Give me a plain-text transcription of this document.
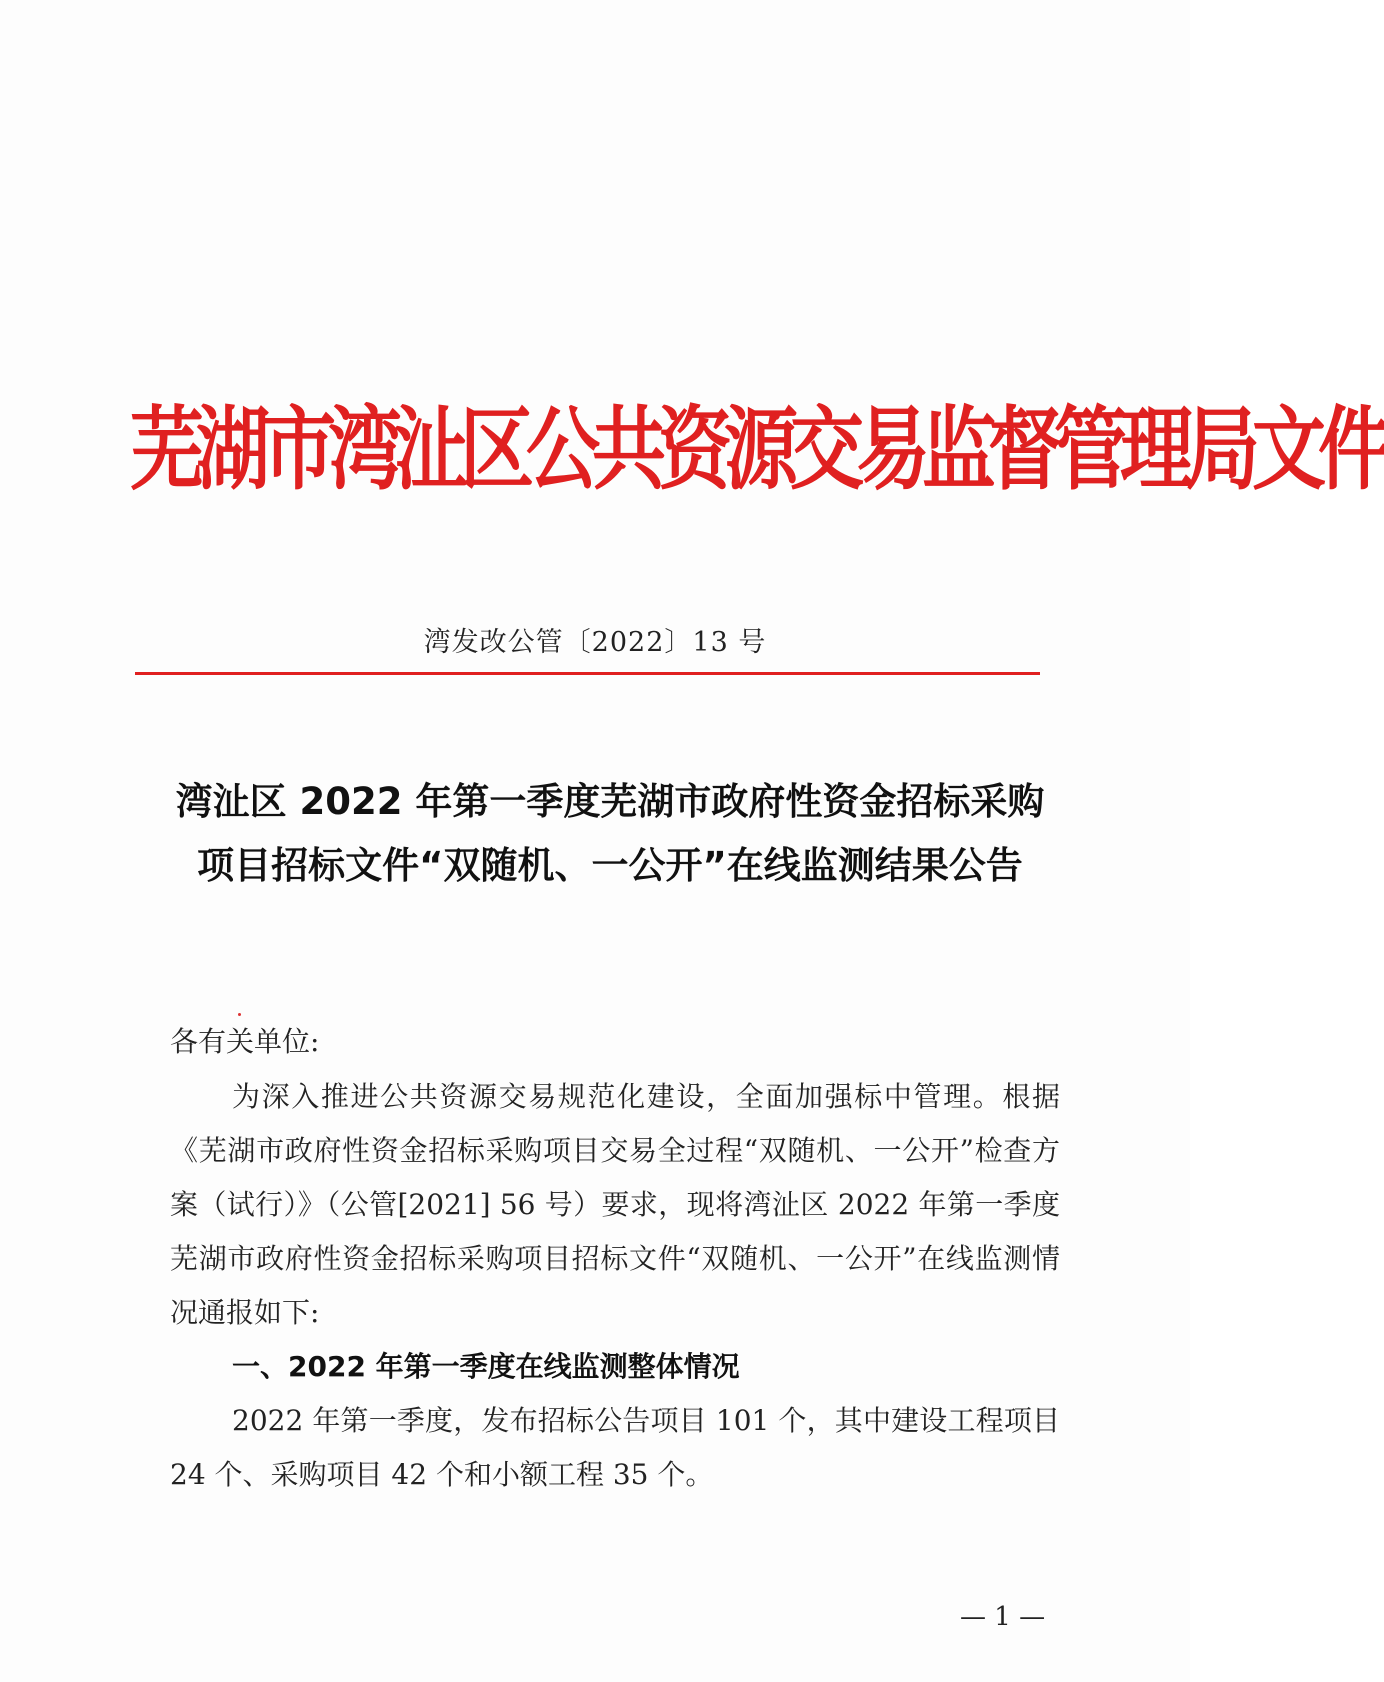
芜湖市湾沚区公共资源交易监督管理局文件
湾发改公管〔2022〕13 号
湾沚区 2022 年第一季度芜湖市政府性资金招标采购项目招标文件“双随机、一公开”在线监测结果公告
各有关单位:
为深入推进公共资源交易规范化建设，全面加强标中管理。根据《芜湖市政府性资金招标采购项目交易全过程“双随机、一公开”检查方案（试行）》（公管[2021] 56 号）要求，现将湾沚区 2022 年第一季度芜湖市政府性资金招标采购项目招标文件“双随机、一公开”在线监测情况通报如下:
一、2022 年第一季度在线监测整体情况
2022 年第一季度，发布招标公告项目 101 个，其中建设工程项目 24 个、采购项目 42 个和小额工程 35 个。
— 1 —
